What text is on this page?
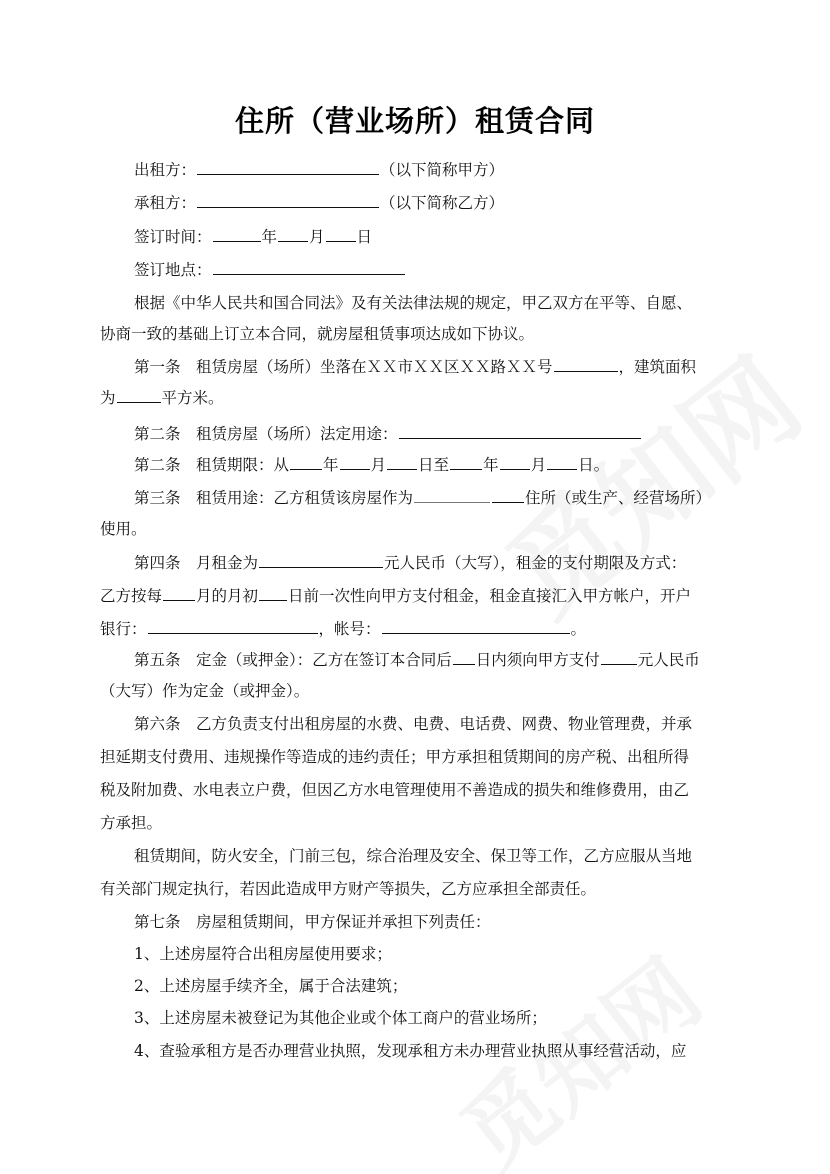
住所（营业场所）租赁合同
出租方：	（以下简称甲方）
承租方：	（以下简称乙方）
签订时间：	年 月 日
签订地点：
根据《中华人民共和国合同法》及有关法律法规的规定，甲乙双方在平等、自愿、
协商一致的基础上订立本合同，就房屋租赁事项达成如下协议。
第一条　租赁房屋（场所）坐落在ＸＸ市ＸＸ区ＸＸ路ＸＸ号	，建筑面积
为	平方米。
第二条　租赁房屋（场所）法定用途：
第二条　租赁期限：从 年 月 日至 年 月 日。
第三条　租赁用途：乙方租赁该房屋作为	住所（或生产、经营场所）
使用。
第四条　月租金为	元人民币（大写），租金的支付期限及方式：
乙方按每 月的月初 日前一次性向甲方支付租金，租金直接汇入甲方帐户，开户
银行：	，帐号：	。
第五条　定金（或押金）：乙方在签订本合同后 日内须向甲方支付 元人民币
（大写）作为定金（或押金）。
第六条　乙方负责支付出租房屋的水费、电费、电话费、网费、物业管理费，并承
担延期支付费用、违规操作等造成的违约责任；甲方承担租赁期间的房产税、出租所得
税及附加费、水电表立户费，但因乙方水电管理使用不善造成的损失和维修费用，由乙
方承担。
租赁期间，防火安全，门前三包，综合治理及安全、保卫等工作，乙方应服从当地
有关部门规定执行，若因此造成甲方财产等损失，乙方应承担全部责任。
第七条　房屋租赁期间，甲方保证并承担下列责任：
1、上述房屋符合出租房屋使用要求；
2、上述房屋手续齐全，属于合法建筑；
3、上述房屋未被登记为其他企业或个体工商户的营业场所；
4、查验承租方是否办理营业执照，发现承租方未办理营业执照从事经营活动，应
